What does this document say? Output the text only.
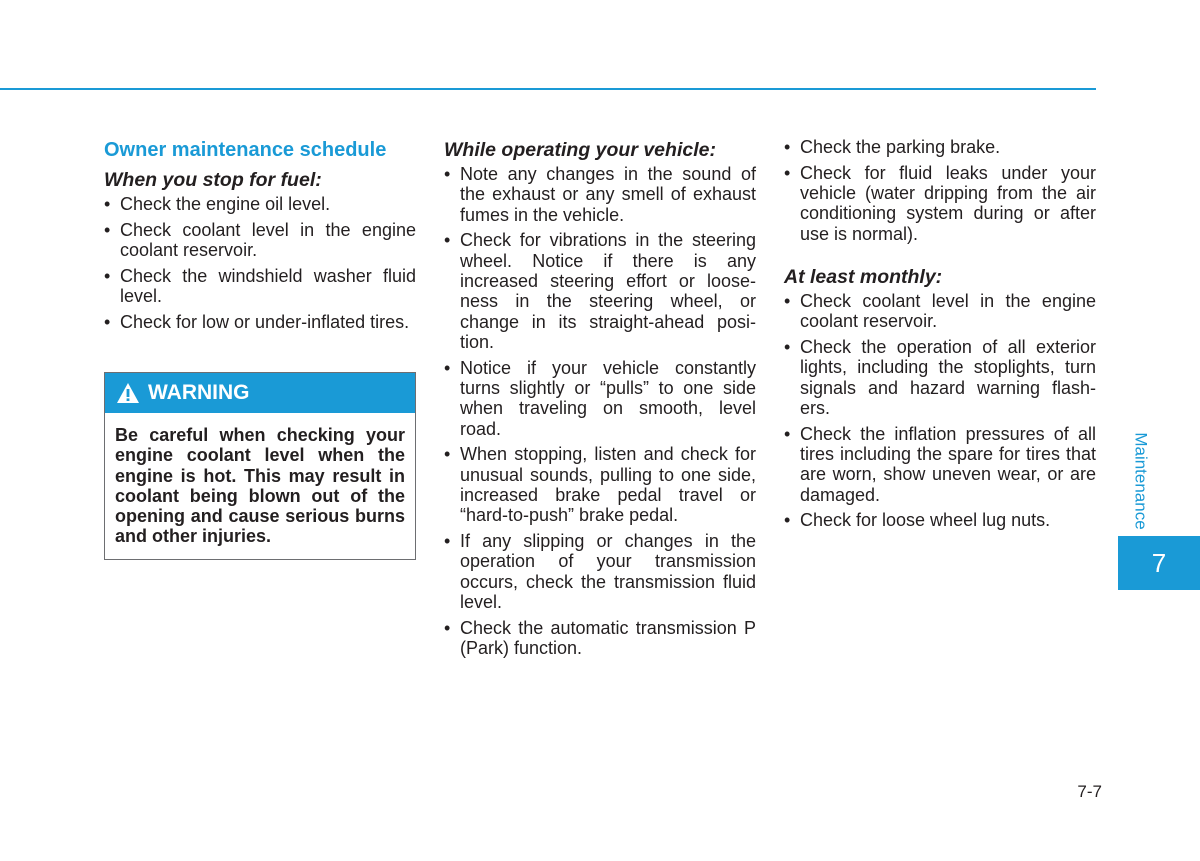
Owner maintenance schedule
When you stop for fuel:
• Check the engine oil level.
• Check coolant level in the engine coolant reservoir.
• Check the windshield washer fluid level.
• Check for low or under-inflated tires.
WARNING
Be careful when checking your engine coolant level when the engine is hot. This may result in coolant being blown out of the opening and cause serious burns and other injuries.
While operating your vehicle:
• Note any changes in the sound of the exhaust or any smell of exhaust fumes in the vehicle.
• Check for vibrations in the steering wheel. Notice if there is any increased steering effort or loose-ness in the steering wheel, or change in its straight-ahead posi-tion.
• Notice if your vehicle constantly turns slightly or “pulls” to one side when traveling on smooth, level road.
• When stopping, listen and check for unusual sounds, pulling to one side, increased brake pedal travel or “hard-to-push” brake pedal.
• If any slipping or changes in the operation of your transmission occurs, check the transmission fluid level.
• Check the automatic transmission P (Park) function.
• Check the parking brake.
• Check for fluid leaks under your vehicle (water dripping from the air conditioning system during or after use is normal).
At least monthly:
• Check coolant level in the engine coolant reservoir.
• Check the operation of all exterior lights, including the stoplights, turn signals and hazard warning flash-ers.
• Check the inflation pressures of all tires including the spare for tires that are worn, show uneven wear, or are damaged.
• Check for loose wheel lug nuts.	Maintenance
7
7-7
